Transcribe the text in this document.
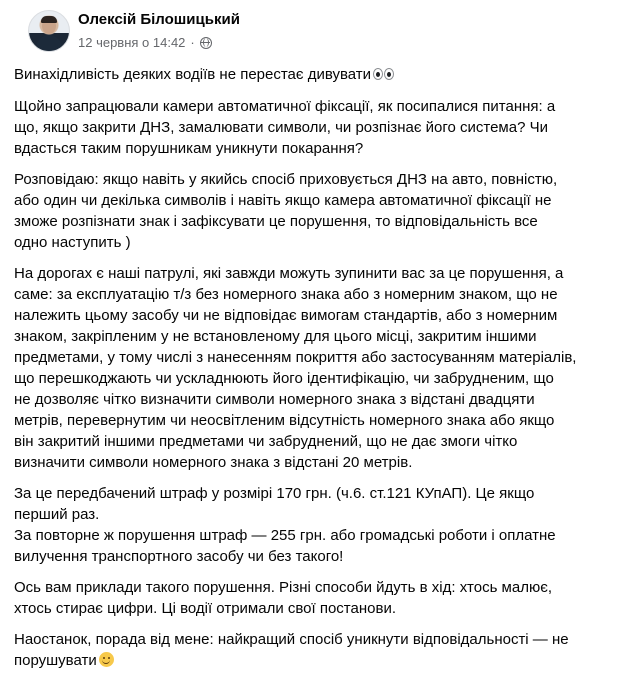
Олексій Білошицький
12 червня о 14:42 ·

Винахідливість деяких водіїв не перестає дивувати

Щойно запрацювали камери автоматичної фіксації, як посипалися питання: а
що, якщо закрити ДНЗ, замалювати символи, чи розпізнає його система? Чи
вдасться таким порушникам уникнути покарання?

Розповідаю: якщо навіть у якийсь спосіб приховується ДНЗ на авто, повністю,
або один чи декілька символів і навіть якщо камера автоматичної фіксації не
зможе розпізнати знак і зафіксувати це порушення, то відповідальність все
одно наступить )

На дорогах є наші патрулі, які завжди можуть зупинити вас за це порушення, а
саме: за експлуатацію т/з без номерного знака або з номерним знаком, що не
належить цьому засобу чи не відповідає вимогам стандартів, або з номерним
знаком, закріпленим у не встановленому для цього місці, закритим іншими
предметами, у тому числі з нанесенням покриття або застосуванням матеріалів,
що перешкоджають чи ускладнюють його ідентифікацію, чи забрудненим, що
не дозволяє чітко визначити символи номерного знака з відстані двадцяти
метрів, перевернутим чи неосвітленим відсутність номерного знака або якщо
він закритий іншими предметами чи забруднений, що не дає змоги чітко
визначити символи номерного знака з відстані 20 метрів.

За це передбачений штраф у розмірі 170 грн. (ч.6. ст.121 КУпАП). Це якщо
перший раз.

За повторне ж порушення штраф — 255 грн. або громадські роботи і оплатне
вилучення транспортного засобу чи без такого!

Ось вам приклади такого порушення. Різні способи йдуть в хід: хтось малює,
хтось стирає цифри. Ці водії отримали свої постанови.

Наостанок, порада від мене: найкращий спосіб уникнути відповідальності — не
порушувати
